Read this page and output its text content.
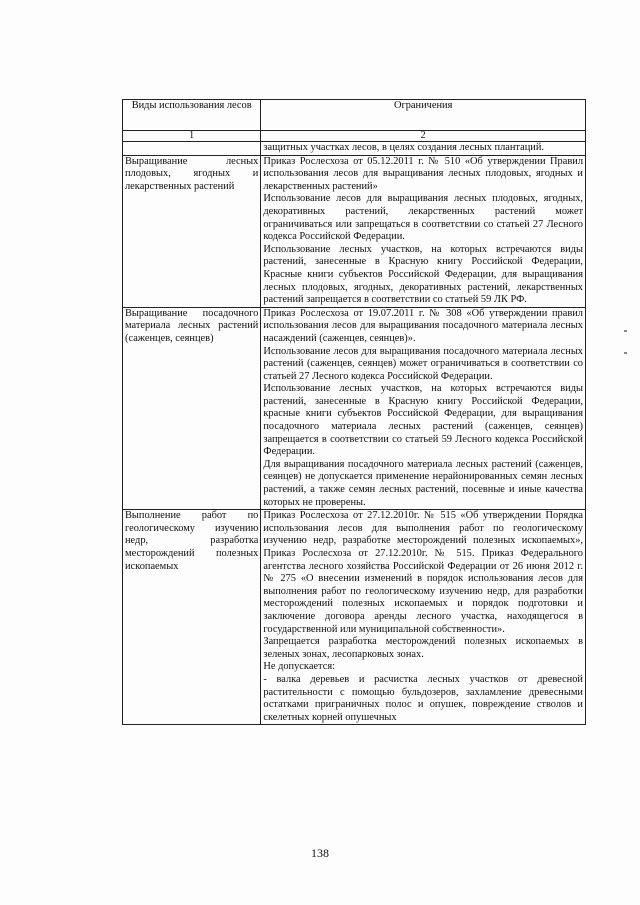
Виды использования лесов	Ограничения
1	2

	защитных участках лесов, в целях создания лесных плантаций.

Выращивание лесных плодовых, ягодных и лекарственных растений	Приказ Рослесхоза от 05.12.2011 г. № 510 «Об утверждении Правил использования лесов для выращивания лесных плодовых, ягодных и лекарственных растений»
Использование лесов для выращивания лесных плодовых, ягодных, декоративных растений, лекарственных растений может ограничиваться или запрещаться в соответствии со статьей 27 Лесного кодекса Российской Федерации.
Использование лесных участков, на которых встречаются виды растений, занесенные в Красную книгу Российской Федерации, Красные книги субъектов Российской Федерации, для выращивания лесных плодовых, ягодных, декоративных растений, лекарственных растений запрещается в соответствии со статьей 59 ЛК РФ.

Выращивание посадочного материала лесных растений (саженцев, сеянцев)	Приказ Рослесхоза от 19.07.2011 г. № 308 «Об утверждении правил использования лесов для выращивания посадочного материала лесных насаждений (саженцев, сеянцев)».
Использование лесов для выращивания посадочного материала лесных растений (саженцев, сеянцев) может ограничиваться в соответствии со статьей 27 Лесного кодекса Российской Федерации.
Использование лесных участков, на которых встречаются виды растений, занесенные в Красную книгу Российской Федерации, красные книги субъектов Российской Федерации, для выращивания посадочного материала лесных растений (саженцев, сеянцев) запрещается в соответствии со статьей 59 Лесного кодекса Российской Федерации.
Для выращивания посадочного материала лесных растений (саженцев, сеянцев) не допускается применение нерайонированных семян лесных растений, а также семян лесных растений, посевные и иные качества которых не проверены.

Выполнение работ по геологическому изучению недр, разработка месторождений полезных ископаемых	Приказ Рослесхоза от 27.12.2010г. № 515 «Об утверждении Порядка использования лесов для выполнения работ по геологическому изучению недр, разработке месторождений полезных ископаемых», Приказ Рослесхоза от 27.12.2010г. № 515. Приказ Федерального агентства лесного хозяйства Российской Федерации от 26 июня 2012 г. № 275 «О внесении изменений в порядок использования лесов для выполнения работ по геологическому изучению недр, для разработки месторождений полезных ископаемых и порядок подготовки и заключение договора аренды лесного участка, находящегося в государственной или муниципальной собственности».
Запрещается разработка месторождений полезных ископаемых в зеленых зонах, лесопарковых зонах.
Не допускается:
- валка деревьев и расчистка лесных участков от древесной растительности с помощью бульдозеров, захламление древесными остатками приграничных полос и опушек, повреждение стволов и скелетных корней опушечных
138
